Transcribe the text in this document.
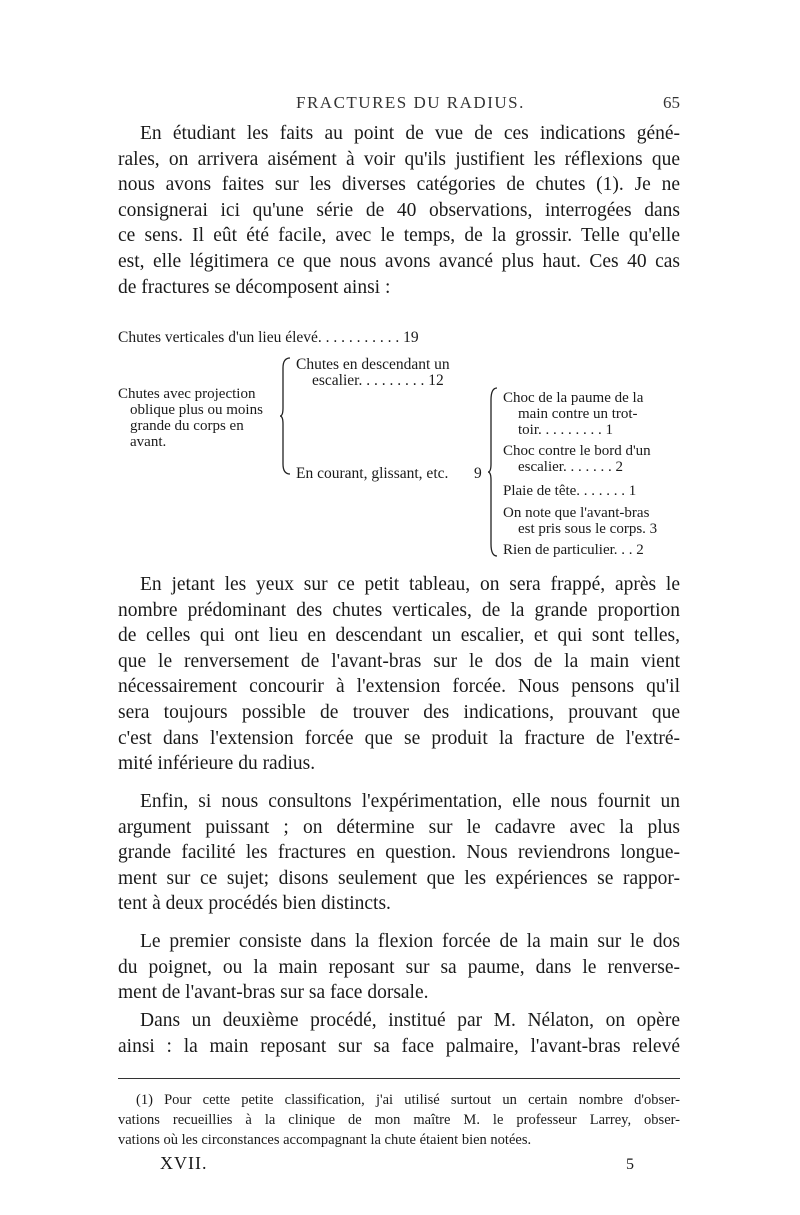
FRACTURES DU RADIUS.	65
En étudiant les faits au point de vue de ces indications géné-
rales, on arrivera aisément à voir qu'ils justifient les réflexions que
nous avons faites sur les diverses catégories de chutes (1). Je ne
consignerai ici qu'une série de 40 observations, interrogées dans
ce sens. Il eût été facile, avec le temps, de la grossir. Telle qu'elle
est, elle légitimera ce que nous avons avancé plus haut. Ces 40 cas
de fractures se décomposent ainsi :
Chutes verticales d'un lieu élevé. . . . . . . . . . . 19
Chutes avec projection
oblique plus ou moins
grande du corps en
avant.
Chutes en descendant un
escalier. . . . . . . . . 12
En courant, glissant, etc. 9
Choc de la paume de la
main contre un trot-
toir. . . . . . . . . 1
Choc contre le bord d'un
escalier. . . . . . . 2
Plaie de tête. . . . . . . 1
On note que l'avant-bras
est pris sous le corps. 3
Rien de particulier. . . 2
En jetant les yeux sur ce petit tableau, on sera frappé, après le
nombre prédominant des chutes verticales, de la grande proportion
de celles qui ont lieu en descendant un escalier, et qui sont telles,
que le renversement de l'avant-bras sur le dos de la main vient
nécessairement concourir à l'extension forcée. Nous pensons qu'il
sera toujours possible de trouver des indications, prouvant que
c'est dans l'extension forcée que se produit la fracture de l'extré-
mité inférieure du radius.
Enfin, si nous consultons l'expérimentation, elle nous fournit un
argument puissant ; on détermine sur le cadavre avec la plus
grande facilité les fractures en question. Nous reviendrons longue-
ment sur ce sujet; disons seulement que les expériences se rappor-
tent à deux procédés bien distincts.
Le premier consiste dans la flexion forcée de la main sur le dos
du poignet, ou la main reposant sur sa paume, dans le renverse-
ment de l'avant-bras sur sa face dorsale.
Dans un deuxième procédé, institué par M. Nélaton, on opère
ainsi : la main reposant sur sa face palmaire, l'avant-bras relevé
(1) Pour cette petite classification, j'ai utilisé surtout un certain nombre d'obser-
vations recueillies à la clinique de mon maître M. le professeur Larrey, obser-
vations où les circonstances accompagnant la chute étaient bien notées.
XVII.	5
